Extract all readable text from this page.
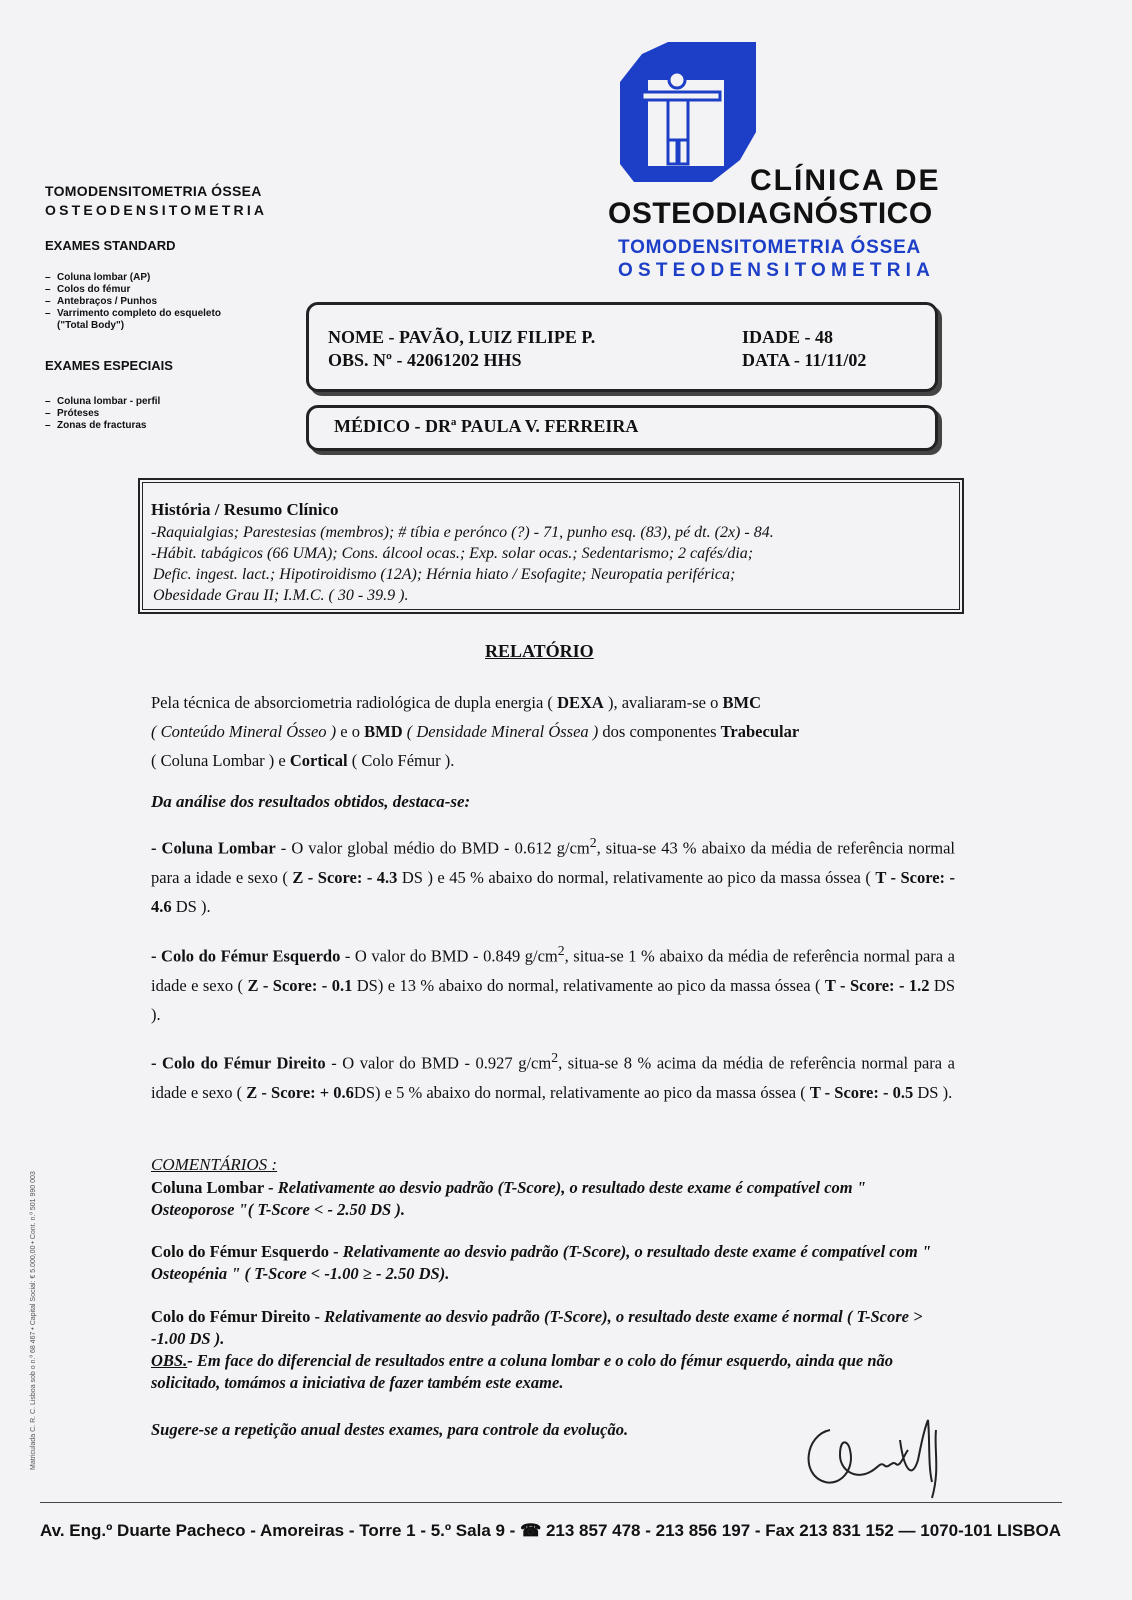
TOMODENSITOMETRIA ÓSSEA
OSTEODENSITOMETRIA
EXAMES STANDARD
– Coluna lombar (AP)
– Colos do fémur
– Antebraços / Punhos
– Varrimento completo do esqueleto
("Total Body")
EXAMES ESPECIAIS
– Coluna lombar - perfil
– Próteses
– Zonas de fracturas
CLÍNICA DE
OSTEODIAGNÓSTICO
TOMODENSITOMETRIA ÓSSEA
OSTEODENSITOMETRIA
NOME - PAVÃO, LUIZ FILIPE P.
OBS. Nº - 42061202 HHS
IDADE - 48
DATA - 11/11/02
MÉDICO - DRª PAULA V. FERREIRA
História / Resumo Clínico
-Raquialgias; Parestesias (membros); # tíbia e perónco (?) - 71, punho esq. (83), pé dt. (2x) - 84.
-Hábit. tabágicos (66 UMA); Cons. álcool ocas.; Exp. solar ocas.; Sedentarismo; 2 cafés/dia;
Defic. ingest. lact.; Hipotiroidismo (12A); Hérnia hiato / Esofagite; Neuropatia periférica;
Obesidade Grau II; I.M.C. ( 30 - 39.9 ).
RELATÓRIO
Pela técnica de absorciometria radiológica de dupla energia ( DEXA ), avaliaram-se o BMC
( Conteúdo Mineral Ósseo ) e o BMD ( Densidade Mineral Óssea ) dos componentes Trabecular
( Coluna Lombar ) e Cortical ( Colo Fémur ).
Da análise dos resultados obtidos, destaca-se:
- Coluna Lombar - O valor global médio do BMD - 0.612 $g/cm^2$, situa-se 43 % abaixo da média de referência normal para a idade e sexo ( Z - Score: - 4.3 DS ) e 45 % abaixo do normal, relativamente ao pico da massa óssea ( T - Score: - 4.6 DS ).
- Colo do Fémur Esquerdo - O valor do BMD - 0.849 $g/cm^2$, situa-se 1 % abaixo da média de referência normal para a idade e sexo ( Z - Score: - 0.1 DS) e 13 % abaixo do normal, relativamente ao pico da massa óssea ( T - Score: - 1.2 DS ).
- Colo do Fémur Direito - O valor do BMD - 0.927 $g/cm^2$, situa-se 8 % acima da média de referência normal para a idade e sexo ( Z - Score: + 0.6DS) e 5 % abaixo do normal, relativamente ao pico da massa óssea ( T - Score: - 0.5 DS ).
COMENTÁRIOS :
Coluna Lombar - Relativamente ao desvio padrão (T-Score), o resultado deste exame é compatível com " Osteoporose "( T-Score < - 2.50 DS ).
Colo do Fémur Esquerdo - Relativamente ao desvio padrão (T-Score), o resultado deste exame é compatível com " Osteopénia " ( T-Score < -1.00 ≥ - 2.50 DS).
Colo do Fémur Direito - Relativamente ao desvio padrão (T-Score), o resultado deste exame é normal ( T-Score > -1.00 DS ).
OBS.- Em face do diferencial de resultados entre a coluna lombar e o colo do fémur esquerdo, ainda que não solicitado, tomámos a iniciativa de fazer também este exame.
Sugere-se a repetição anual destes exames, para controle da evolução.
Matriculada C. R. C. Lisboa sob o n.º 68 467 • Capital Social: € 5.000,00 • Cont. n.º 501 990 003
Av. Eng.º Duarte Pacheco - Amoreiras - Torre 1 - 5.º Sala 9 - ☎ 213 857 478 - 213 856 197 - Fax 213 831 152 — 1070-101 LISBOA
